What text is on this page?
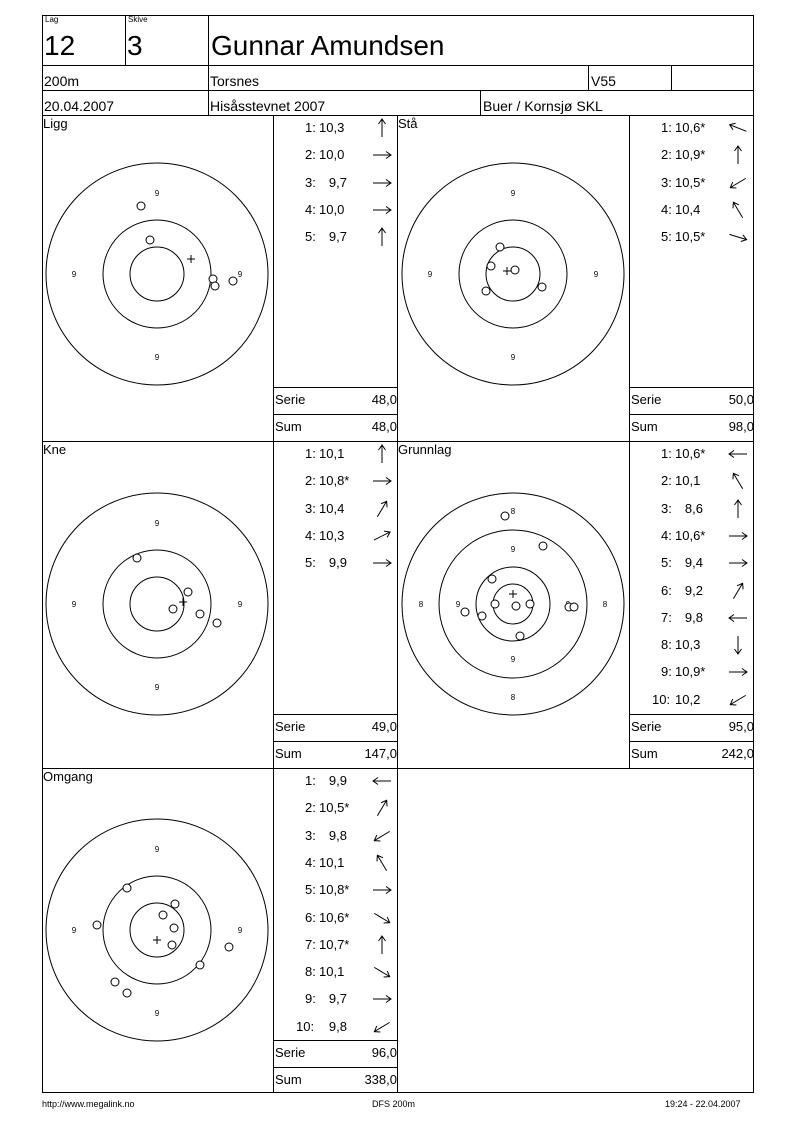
Lag
12
Skive
3 Gunnar Amundsen
200m	Torsnes	V55
20.04.2007	Hisåsstevnet 2007	Buer / Kornsjø SKL
Ligg
9
9
9	9
1: 10,3
2: 10,0
3:	9,7
4: 10,0
5:	9,7
Serie	48,0
Sum	48,0
Stå
9
9
9	9
1: 10,6*
2: 10,9*
3: 10,5*
4: 10,4
5: 10,5*
Serie	50,0
Sum	98,0
Kne
9
9
9	9
1: 10,1
2: 10,8*
3: 10,4
4: 10,3
5:	9,9
Serie	49,0
Sum	147,0
Grunnlag
8
8
8	8
9
9
9
1: 10,6*
2: 10,1
3:	8,6
4: 10,6*
5:	9,4
6:	9,2
7:	9,8
8: 10,3
9: 10,9*
10: 10,2
Serie	95,0
Sum	242,0
Omgang
9
9
9	9
1:	9,9
2: 10,5*
3:	9,8
4: 10,1
5: 10,8*
6: 10,6*
7: 10,7*
8: 10,1
9:	9,7
10:	9,8
Serie	96,0
Sum	338,0
http://www.megalink.no	DFS 200m	19:24 - 22.04.2007
